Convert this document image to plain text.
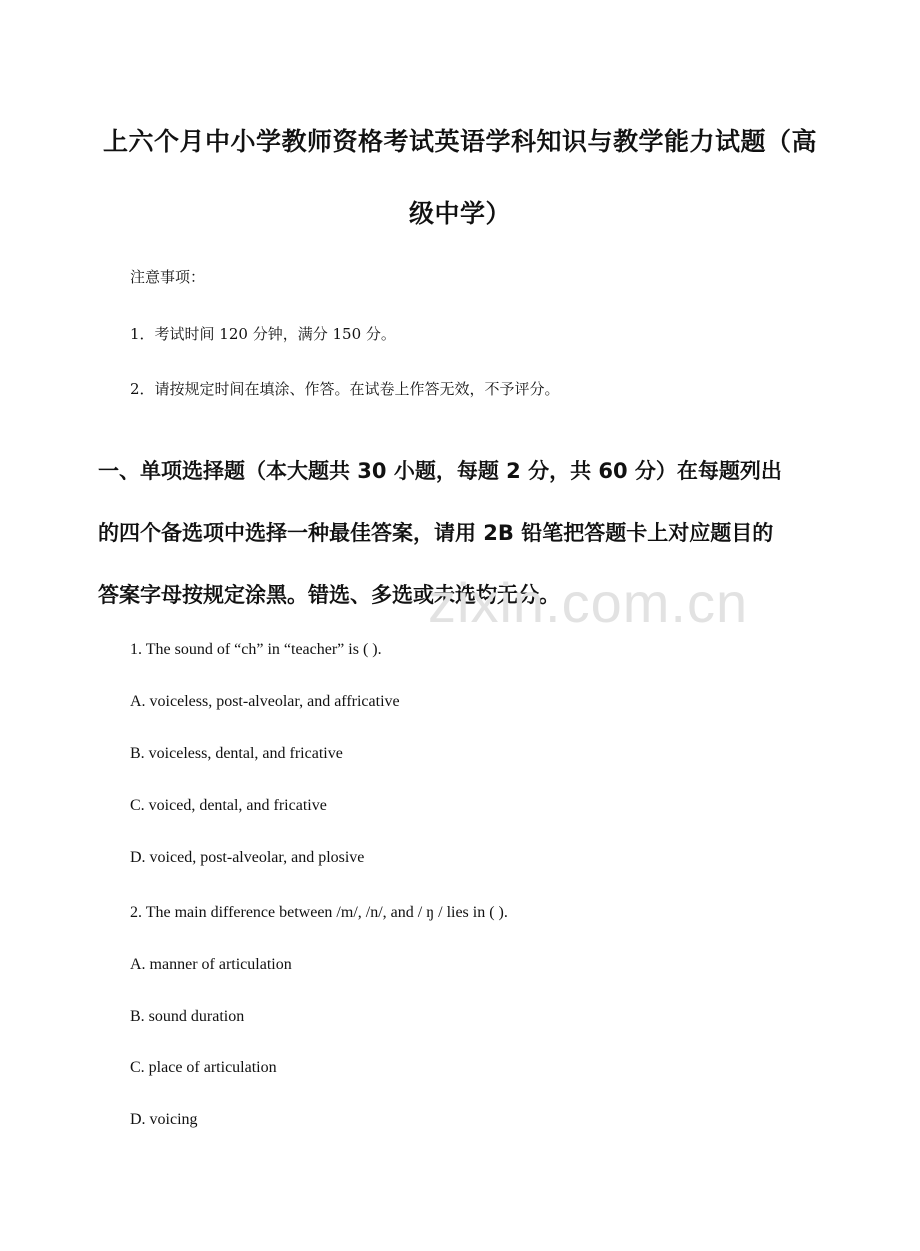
上六个月中小学教师资格考试英语学科知识与教学能力试题（高
级中学）
注意事项：
1．考试时间 120 分钟，满分 150 分。
2．请按规定时间在填涂、作答。在试卷上作答无效，不予评分。
一、单项选择题（本大题共 30 小题，每题 2 分，共 60 分）在每题列出
的四个备选项中选择一种最佳答案，请用 2B 铅笔把答题卡上对应题目的
答案字母按规定涂黑。错选、多选或未选均无分。
zixin.com.cn
1. The sound of “ch” in “teacher” is ( ).
A. voiceless, post-alveolar, and affricative
B. voiceless, dental, and fricative
C. voiced, dental, and fricative
D. voiced, post-alveolar, and plosive
2. The main difference between /m/, /n/, and / ŋ / lies in ( ).
A. manner of articulation
B. sound duration
C. place of articulation
D. voicing
